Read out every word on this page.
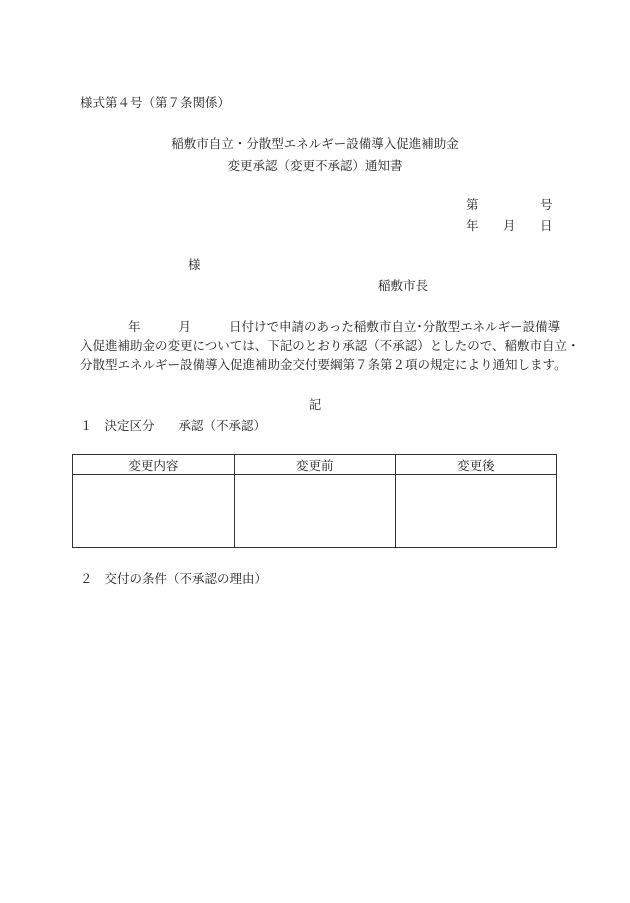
様式第４号（第７条関係）
稲敷市自立・分散型エネルギー設備導入促進補助金
変更承認（変更不承認）通知書
第	号
年 月 日
様
稲敷市長
年	月	日付けで申請のあった稲敷市自立･分散型エネルギー設備導
入促進補助金の変更については、下記のとおり承認（不承認）としたので、稲敷市自立・
分散型エネルギー設備導入促進補助金交付要綱第７条第２項の規定により通知します。
記
１ 決定区分 承認（不承認）
変更内容	変更前	変更後

２ 交付の条件（不承認の理由）
